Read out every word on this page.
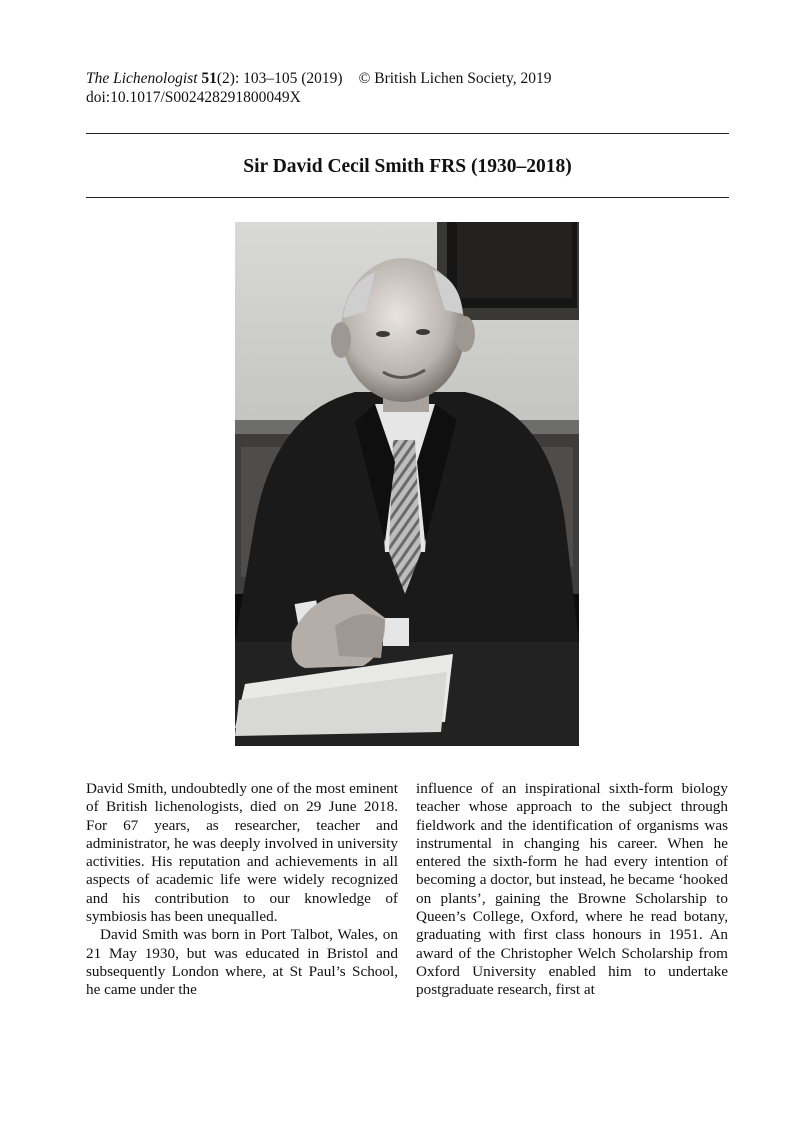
The Lichenologist 51(2): 103–105 (2019) © British Lichen Society, 2019
doi:10.1017/S002428291800049X
Sir David Cecil Smith FRS (1930–2018)

David Smith, undoubtedly one of the most eminent of British lichenologists, died on 29 June 2018. For 67 years, as researcher, teacher and administrator, he was deeply involved in university activities. His reputation and achievements in all aspects of academic life were widely recognized and his contribution to our knowledge of symbiosis has been unequalled.

David Smith was born in Port Talbot, Wales, on 21 May 1930, but was educated in Bristol and subsequently London where, at St Paul’s School, he came under the

influence of an inspirational sixth-form biology teacher whose approach to the subject through fieldwork and the identification of organisms was instrumental in changing his career. When he entered the sixth-form he had every intention of becoming a doctor, but instead, he became ‘hooked on plants’, gaining the Browne Scholarship to Queen’s College, Oxford, where he read botany, graduating with first class honours in 1951. An award of the Christopher Welch Scholarship from Oxford University enabled him to undertake postgraduate research, first at
